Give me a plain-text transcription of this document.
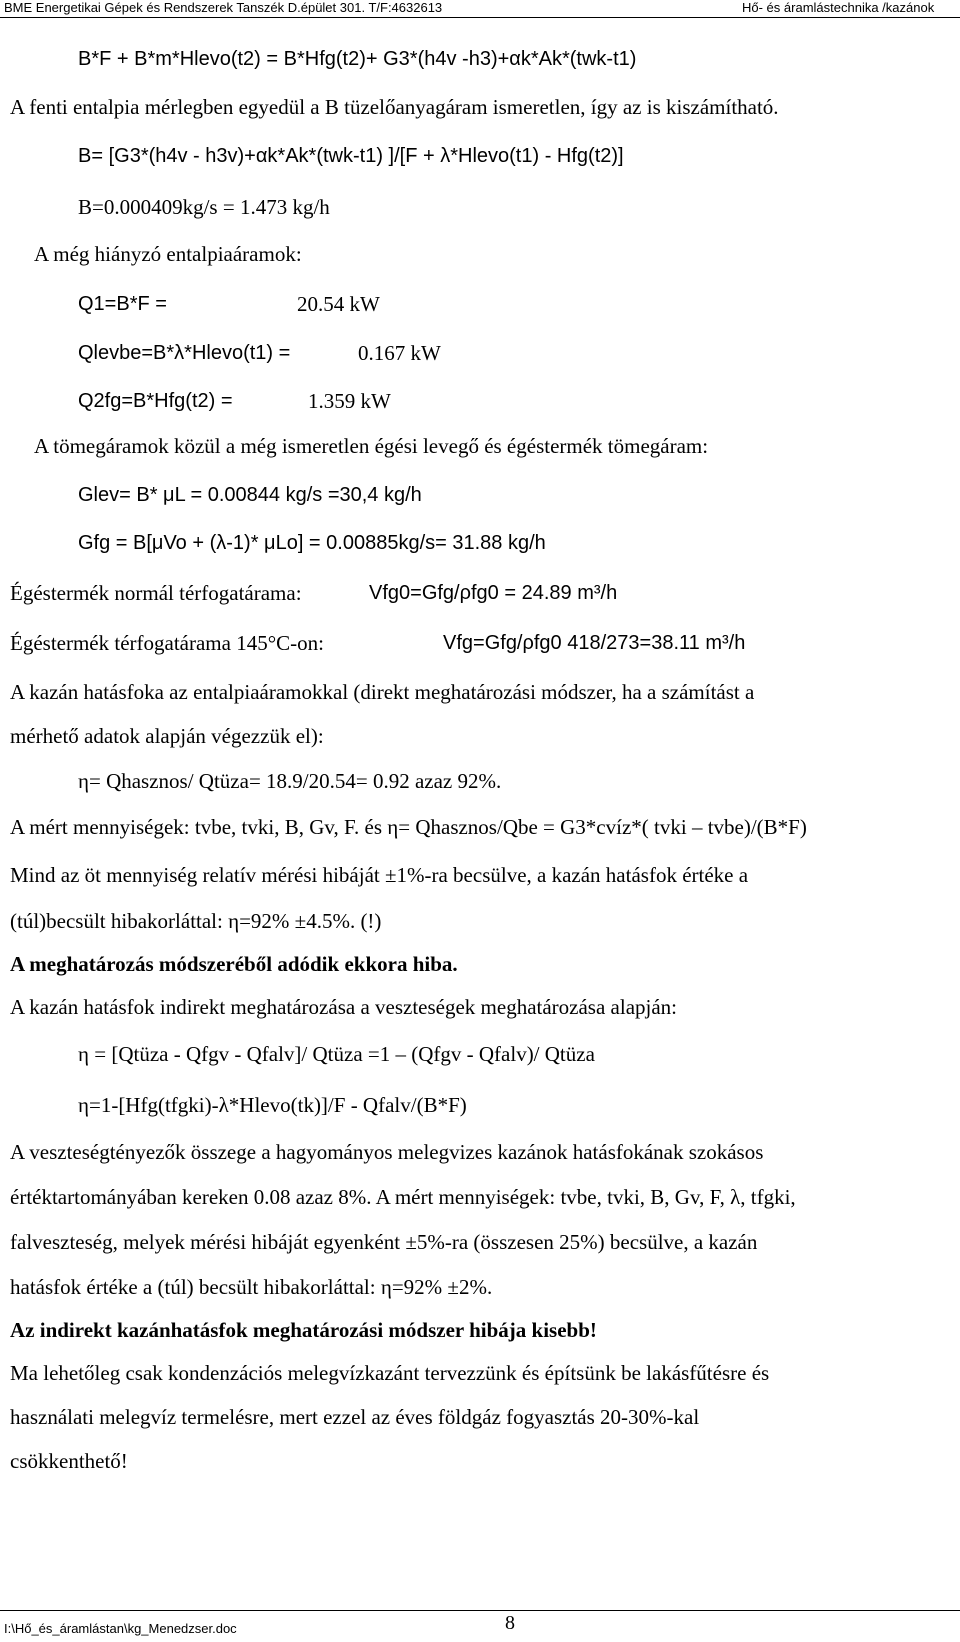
BME Energetikai Gépek és Rendszerek Tanszék D.épület 301. T/F:4632613	Hő- és áramlástechnika /kazánok
B*F + B*m*Hlevo(t2) = B*Hfg(t2)+ G3*(h4v -h3)+αk*Ak*(twk-t1)
A fenti entalpia mérlegben egyedül a B tüzelőanyagáram ismeretlen, így az is kiszámítható.
B= [G3*(h4v - h3v)+αk*Ak*(twk-t1) ]/[F + λ*Hlevo(t1) - Hfg(t2)]
B=0.000409kg/s = 1.473 kg/h
A még hiányzó entalpiaáramok:
Q1=B*F =	20.54 kW
Qlevbe=B*λ*Hlevo(t1) =	0.167 kW
Q2fg=B*Hfg(t2) =	1.359 kW
A tömegáramok közül a még ismeretlen égési levegő és égéstermék tömegáram:
Glev= B* μL = 0.00844 kg/s =30,4 kg/h
Gfg = B[μVo + (λ-1)* μLo] = 0.00885kg/s= 31.88 kg/h
Égéstermék normál térfogatárama:	Vfg0=Gfg/ρfg0 = 24.89 m³/h
Égéstermék térfogatárama 145°C-on:	Vfg=Gfg/ρfg0 418/273=38.11 m³/h
A kazán hatásfoka az entalpiaáramokkal (direkt meghatározási módszer, ha a számítást a
mérhető adatok alapján végezzük el):
η= Qhasznos/ Qtüza= 18.9/20.54= 0.92 azaz 92%.
A mért mennyiségek: tvbe, tvki, B, Gv, F. és η= Qhasznos/Qbe = G3*cvíz*( tvki – tvbe)/(B*F)
Mind az öt mennyiség relatív mérési hibáját ±1%-ra becsülve, a kazán hatásfok értéke a
(túl)becsült hibakorláttal: η=92% ±4.5%. (!)
A meghatározás módszeréből adódik ekkora hiba.
A kazán hatásfok indirekt meghatározása a veszteségek meghatározása alapján:
η = [Qtüza - Qfgv - Qfalv]/ Qtüza =1 – (Qfgv - Qfalv)/ Qtüza
η=1-[Hfg(tfgki)-λ*Hlevo(tk)]/F - Qfalv/(B*F)
A veszteségtényezők összege a hagyományos melegvizes kazánok hatásfokának szokásos
értéktartományában kereken 0.08 azaz 8%. A mért mennyiségek: tvbe, tvki, B, Gv, F, λ, tfgki,
falveszteség, melyek mérési hibáját egyenként ±5%-ra (összesen 25%) becsülve, a kazán
hatásfok értéke a (túl) becsült hibakorláttal: η=92% ±2%.
Az indirekt kazánhatásfok meghatározási módszer hibája kisebb!
Ma lehetőleg csak kondenzációs melegvízkazánt tervezzünk és építsünk be lakásfűtésre és
használati melegvíz termelésre, mert ezzel az éves földgáz fogyasztás 20-30%-kal
csökkenthető!
I:\Hő_és_áramlástan\kg_Menedzser.doc	8
